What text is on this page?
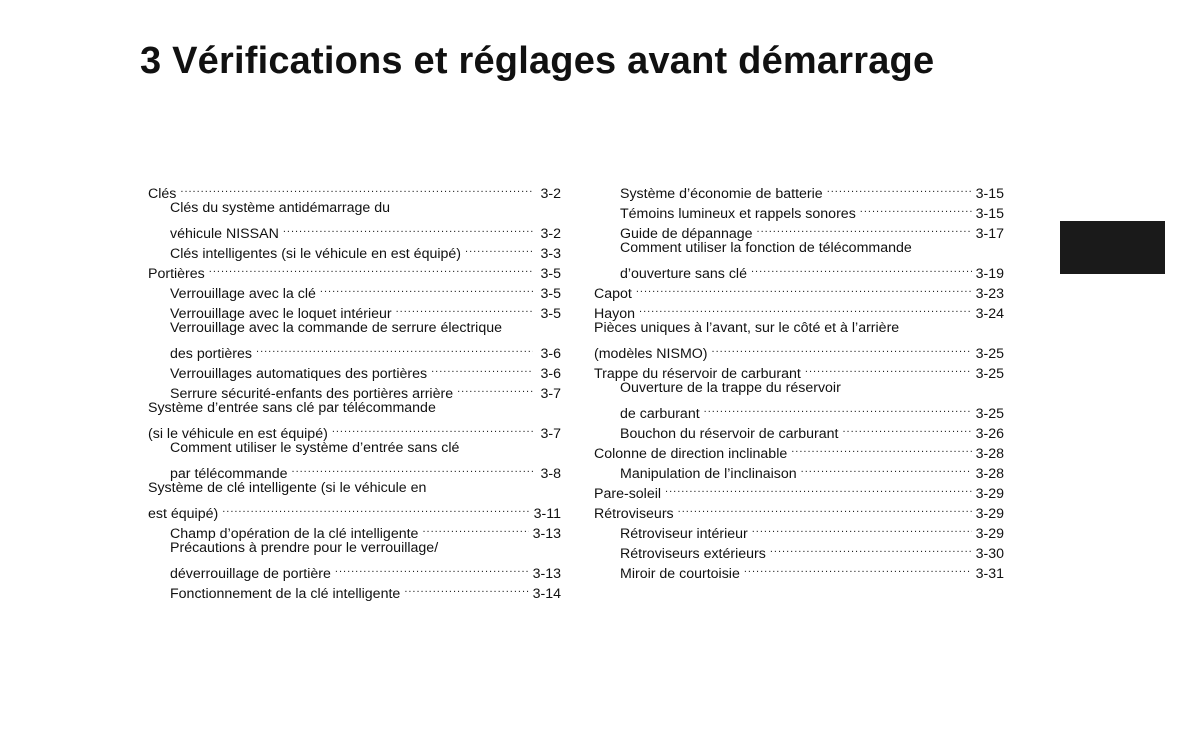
3 Vérifications et réglages avant démarrage
Clés .....	3-2
Clés du système antidémarrage du
véhicule NISSAN .....	3-2
Clés intelligentes (si le véhicule en est équipé) .....	3-3
Portières .....	3-5
Verrouillage avec la clé .....	3-5
Verrouillage avec le loquet intérieur .....	3-5
Verrouillage avec la commande de serrure électrique
des portières .....	3-6
Verrouillages automatiques des portières .....	3-6
Serrure sécurité-enfants des portières arrière .....	3-7
Système d’entrée sans clé par télécommande
(si le véhicule en est équipé) .....	3-7
Comment utiliser le système d’entrée sans clé
par télécommande .....	3-8
Système de clé intelligente (si le véhicule en
est équipé) .....	3-11
Champ d’opération de la clé intelligente .....	3-13
Précautions à prendre pour le verrouillage/
déverrouillage de portière .....	3-13
Fonctionnement de la clé intelligente .....	3-14
Système d’économie de batterie .....	3-15
Témoins lumineux et rappels sonores .....	3-15
Guide de dépannage .....	3-17
Comment utiliser la fonction de télécommande
d’ouverture sans clé .....	3-19
Capot .....	3-23
Hayon .....	3-24
Pièces uniques à l’avant, sur le côté et à l’arrière
(modèles NISMO) .....	3-25
Trappe du réservoir de carburant .....	3-25
Ouverture de la trappe du réservoir
de carburant .....	3-25
Bouchon du réservoir de carburant .....	3-26
Colonne de direction inclinable .....	3-28
Manipulation de l’inclinaison .....	3-28
Pare-soleil .....	3-29
Rétroviseurs .....	3-29
Rétroviseur intérieur .....	3-29
Rétroviseurs extérieurs .....	3-30
Miroir de courtoisie .....	3-31
